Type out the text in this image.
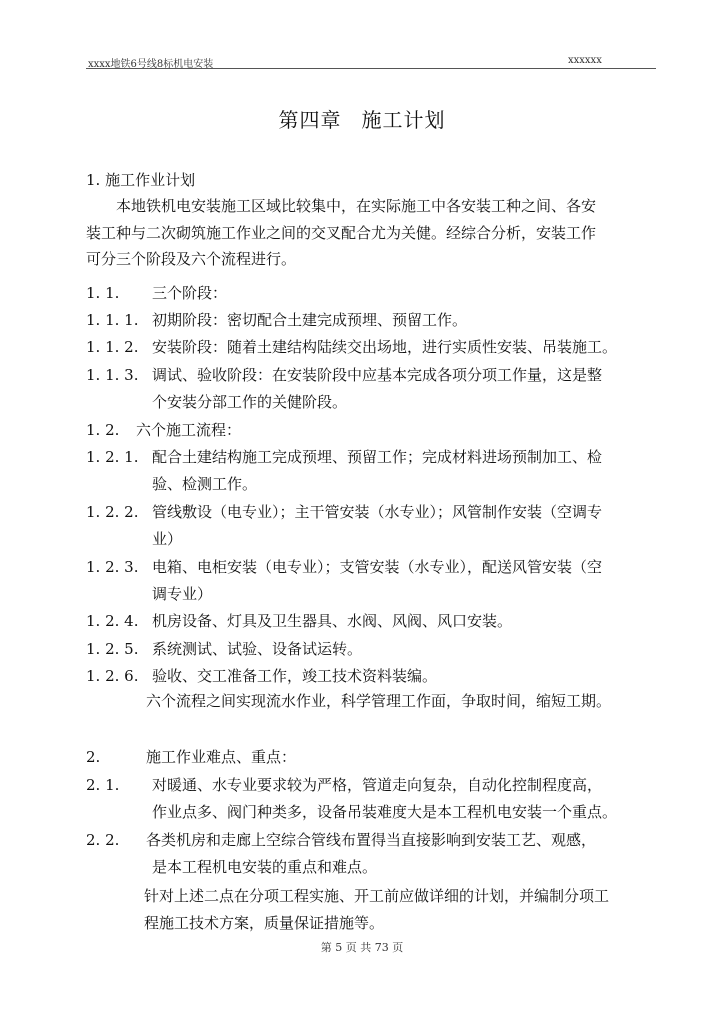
xxxx地铁6号线8标机电安装	xxxxxx
第四章 施工计划
1. 施工作业计划
本地铁机电安装施工区域比较集中，在实际施工中各安装工种之间、各安
装工种与二次砌筑施工作业之间的交叉配合尤为关健。经综合分析，安装工作
可分三个阶段及六个流程进行。
1. 1. 三个阶段：
1. 1. 1. 初期阶段：密切配合土建完成预埋、预留工作。
1. 1. 2. 安装阶段：随着土建结构陆续交出场地，进行实质性安装、吊装施工。
1. 1. 3. 调试、验收阶段：在安装阶段中应基本完成各项分项工作量，这是整
个安装分部工作的关健阶段。
1. 2. 六个施工流程：
1. 2. 1. 配合土建结构施工完成预埋、预留工作；完成材料进场预制加工、检
验、检测工作。
1. 2. 2. 管线敷设（电专业）；主干管安装（水专业）；风管制作安装（空调专
业）
1. 2. 3. 电箱、电柜安装（电专业）；支管安装（水专业），配送风管安装（空
调专业）
1. 2. 4. 机房设备、灯具及卫生器具、水阀、风阀、风口安装。
1. 2. 5. 系统测试、试验、设备试运转。
1. 2. 6. 验收、交工准备工作，竣工技术资料装编。
六个流程之间实现流水作业，科学管理工作面，争取时间，缩短工期。
2.	施工作业难点、重点：
2. 1. 对暖通、水专业要求较为严格，管道走向复杂，自动化控制程度高，
作业点多、阀门种类多，设备吊装难度大是本工程机电安装一个重点。
2. 2. 各类机房和走廊上空综合管线布置得当直接影响到安装工艺、观感，
是本工程机电安装的重点和难点。
针对上述二点在分项工程实施、开工前应做详细的计划，并编制分项工
程施工技术方案，质量保证措施等。
第 5 页 共 73 页
